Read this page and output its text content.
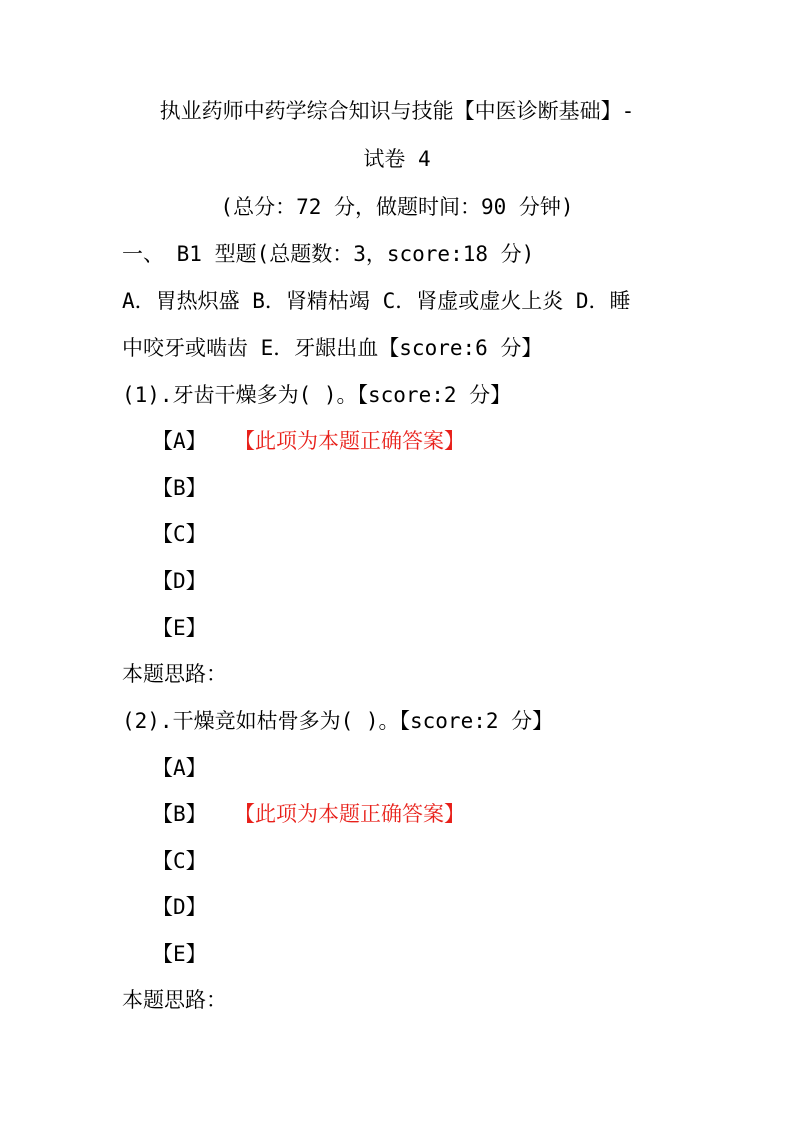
执业药师中药学综合知识与技能【中医诊断基础】-
试卷 4
(总分：72 分，做题时间：90 分钟)
一、 B1 型题(总题数：3，score:18 分)
A．胃热炽盛 B．肾精枯竭 C．肾虚或虚火上炎 D．睡
中咬牙或啮齿 E．牙龈出血【score:6 分】
(1).牙齿干燥多为( )。【score:2 分】
【A】 【此项为本题正确答案】
【B】
【C】
【D】
【E】
本题思路：
(2).干燥竞如枯骨多为( )。【score:2 分】
【A】
【B】 【此项为本题正确答案】
【C】
【D】
【E】
本题思路：
